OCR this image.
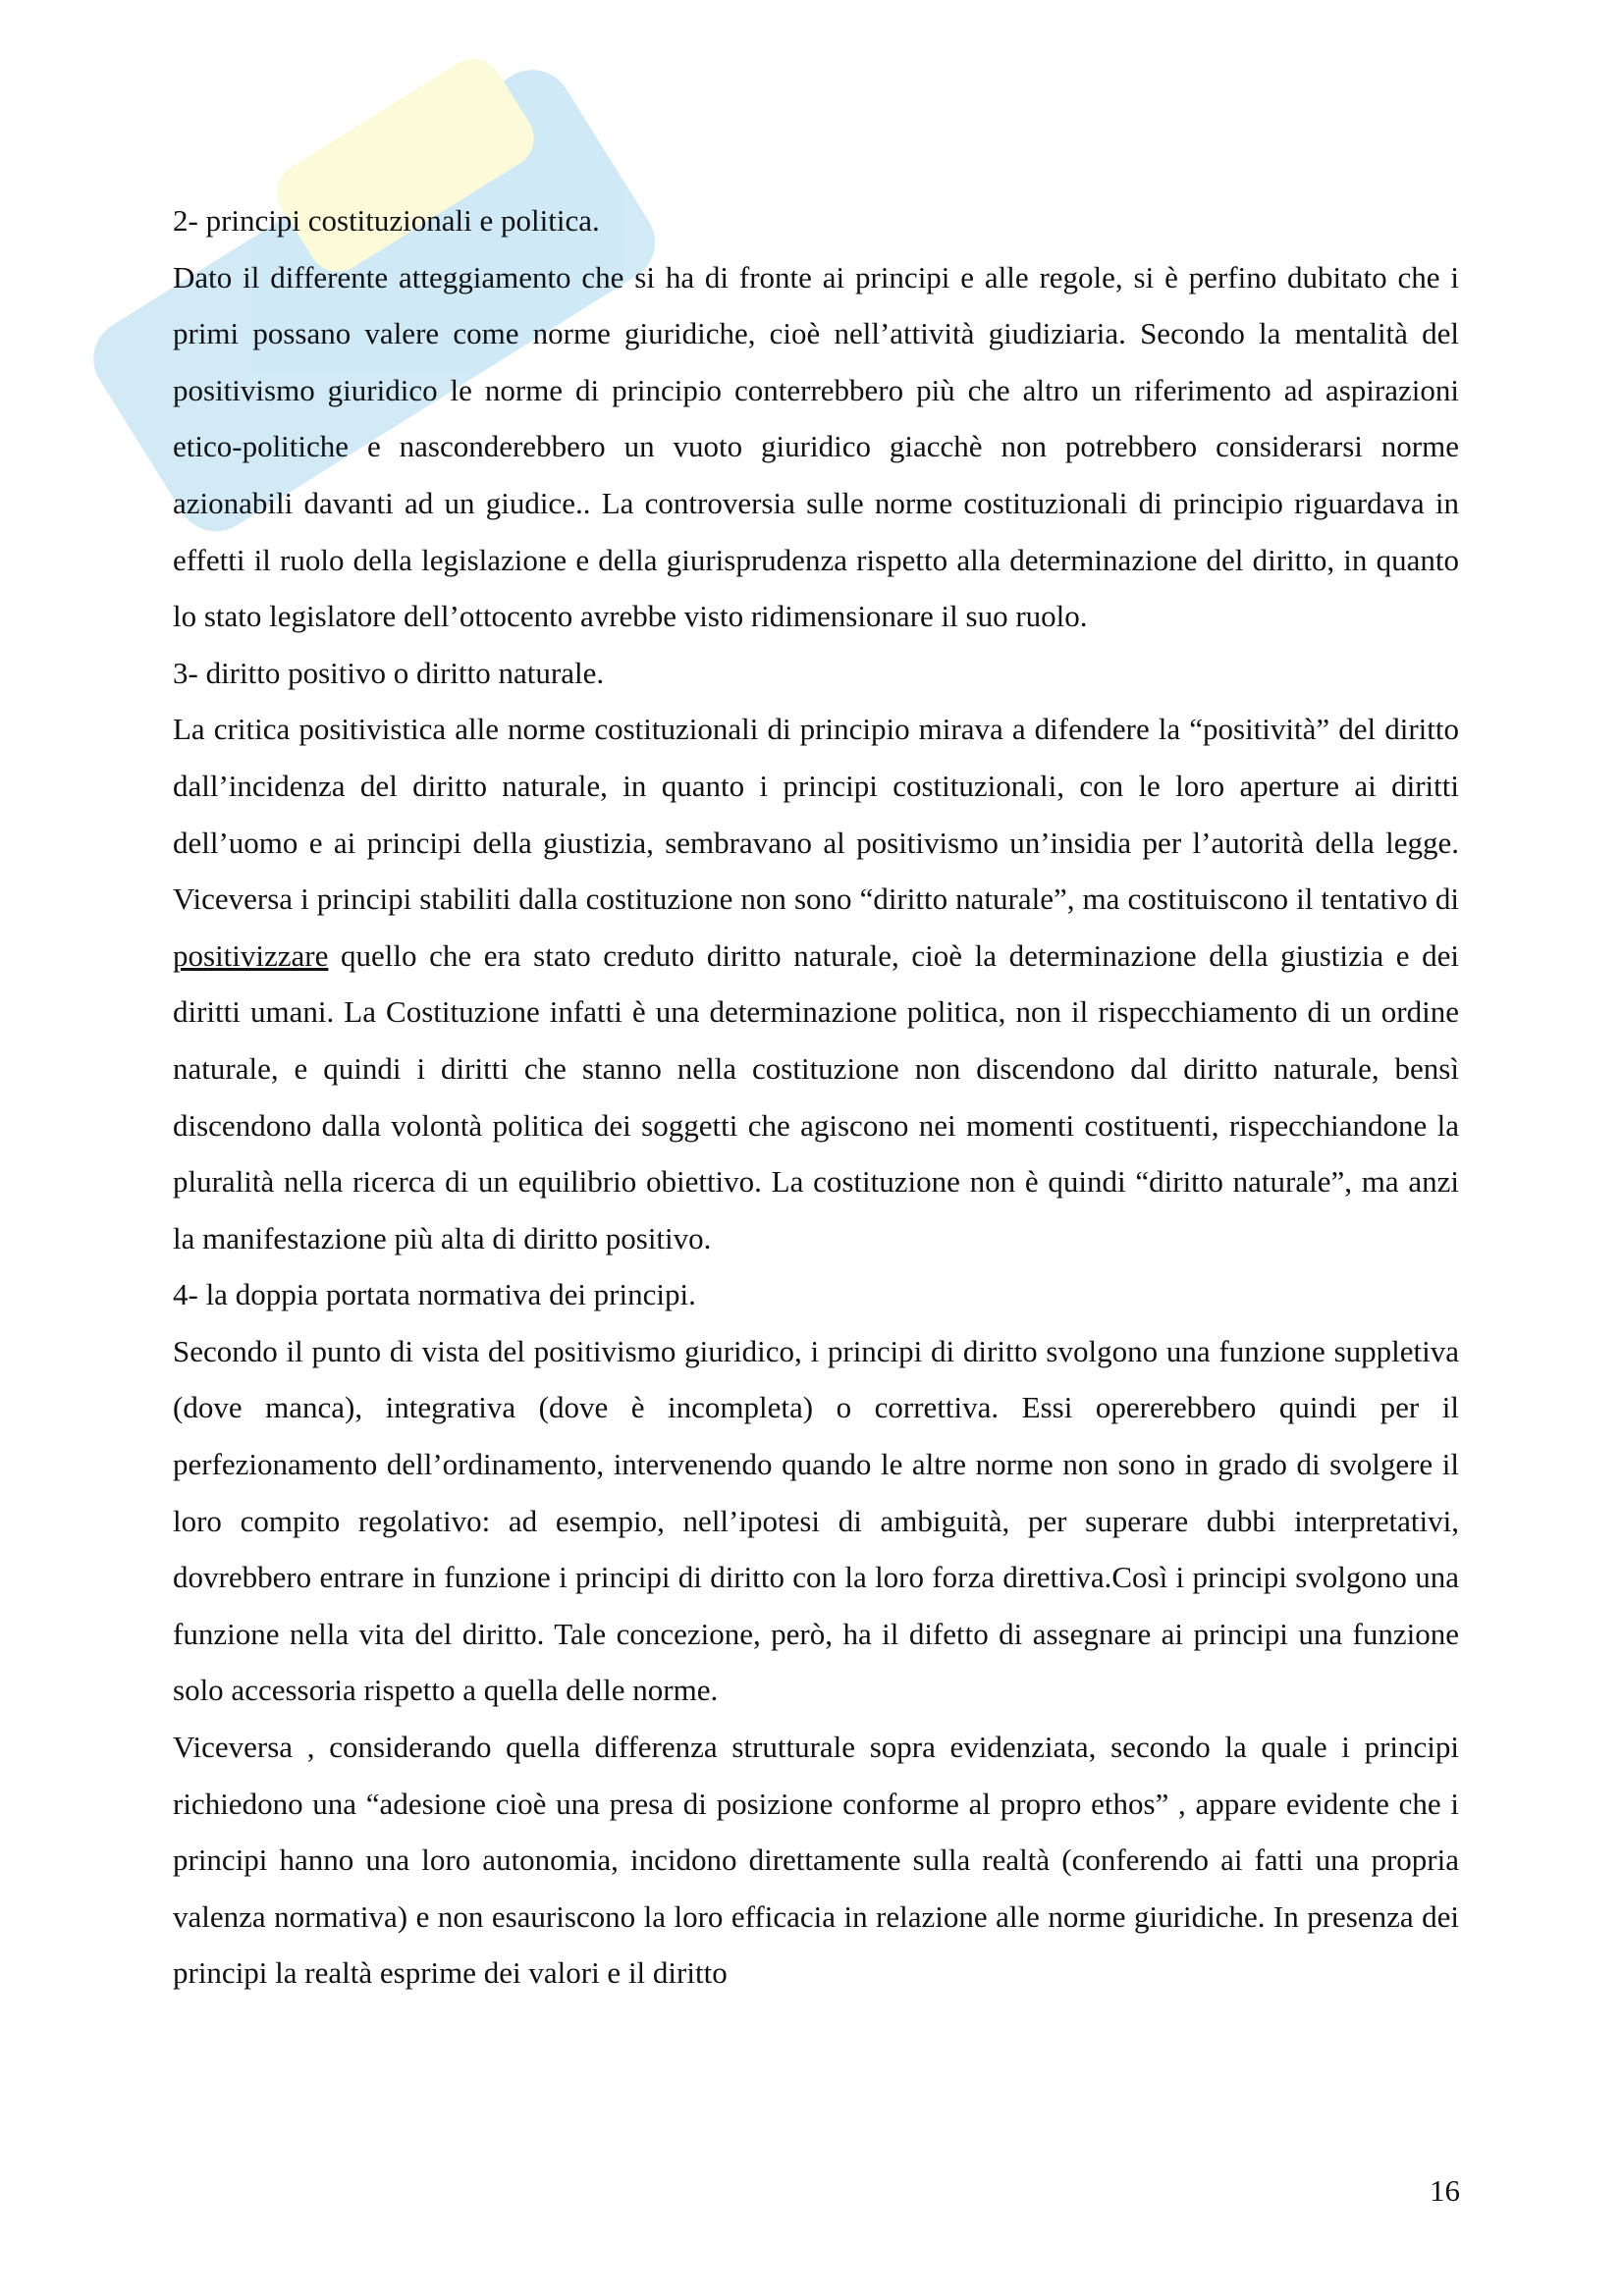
2- principi costituzionali e politica.

Dato il differente atteggiamento che si ha di fronte ai principi e alle regole, si è perfino dubitato che i primi possano valere come norme giuridiche, cioè nell’attività giudiziaria. Secondo la mentalità del positivismo giuridico le norme di principio conterrebbero più che altro un riferimento ad aspirazioni etico-politiche e nasconderebbero un vuoto giuridico giacchè non potrebbero considerarsi norme azionabili davanti ad un giudice.. La controversia sulle norme costituzionali di principio riguardava in effetti il ruolo della legislazione e della giurisprudenza rispetto alla determinazione del diritto, in quanto lo stato legislatore dell’ottocento avrebbe visto ridimensionare il suo ruolo.

3- diritto positivo o diritto naturale.

La critica positivistica alle norme costituzionali di principio mirava a difendere la “positività” del diritto dall’incidenza del diritto naturale, in quanto i principi costituzionali, con le loro aperture ai diritti dell’uomo e ai principi della giustizia, sembravano al positivismo un’insidia per l’autorità della legge. Viceversa i principi stabiliti dalla costituzione non sono “diritto naturale”, ma costituiscono il tentativo di positivizzare quello che era stato creduto diritto naturale, cioè la determinazione della giustizia e dei diritti umani. La Costituzione infatti è una determinazione politica, non il rispecchiamento di un ordine naturale, e quindi i diritti che stanno nella costituzione non discendono dal diritto naturale, bensì discendono dalla volontà politica dei soggetti che agiscono nei momenti costituenti, rispecchiandone la pluralità nella ricerca di un equilibrio obiettivo. La costituzione non è quindi “diritto naturale”, ma anzi la manifestazione più alta di diritto positivo.

4- la doppia portata normativa dei principi.

Secondo il punto di vista del positivismo giuridico, i principi di diritto svolgono una funzione suppletiva (dove manca), integrativa (dove è incompleta) o correttiva. Essi opererebbero quindi per il perfezionamento dell’ordinamento, intervenendo quando le altre norme non sono in grado di svolgere il loro compito regolativo: ad esempio, nell’ipotesi di ambiguità, per superare dubbi interpretativi, dovrebbero entrare in funzione i principi di diritto con la loro forza direttiva.Così i principi svolgono una funzione nella vita del diritto. Tale concezione, però, ha il difetto di assegnare ai principi una funzione solo accessoria rispetto a quella delle norme.

Viceversa , considerando quella differenza strutturale sopra evidenziata, secondo la quale i principi richiedono una “adesione cioè una presa di posizione conforme al propro ethos” , appare evidente che i principi hanno una loro autonomia, incidono direttamente sulla realtà (conferendo ai fatti una propria valenza normativa) e non esauriscono la loro efficacia in relazione alle norme giuridiche. In presenza dei principi la realtà esprime dei valori e il diritto

16
